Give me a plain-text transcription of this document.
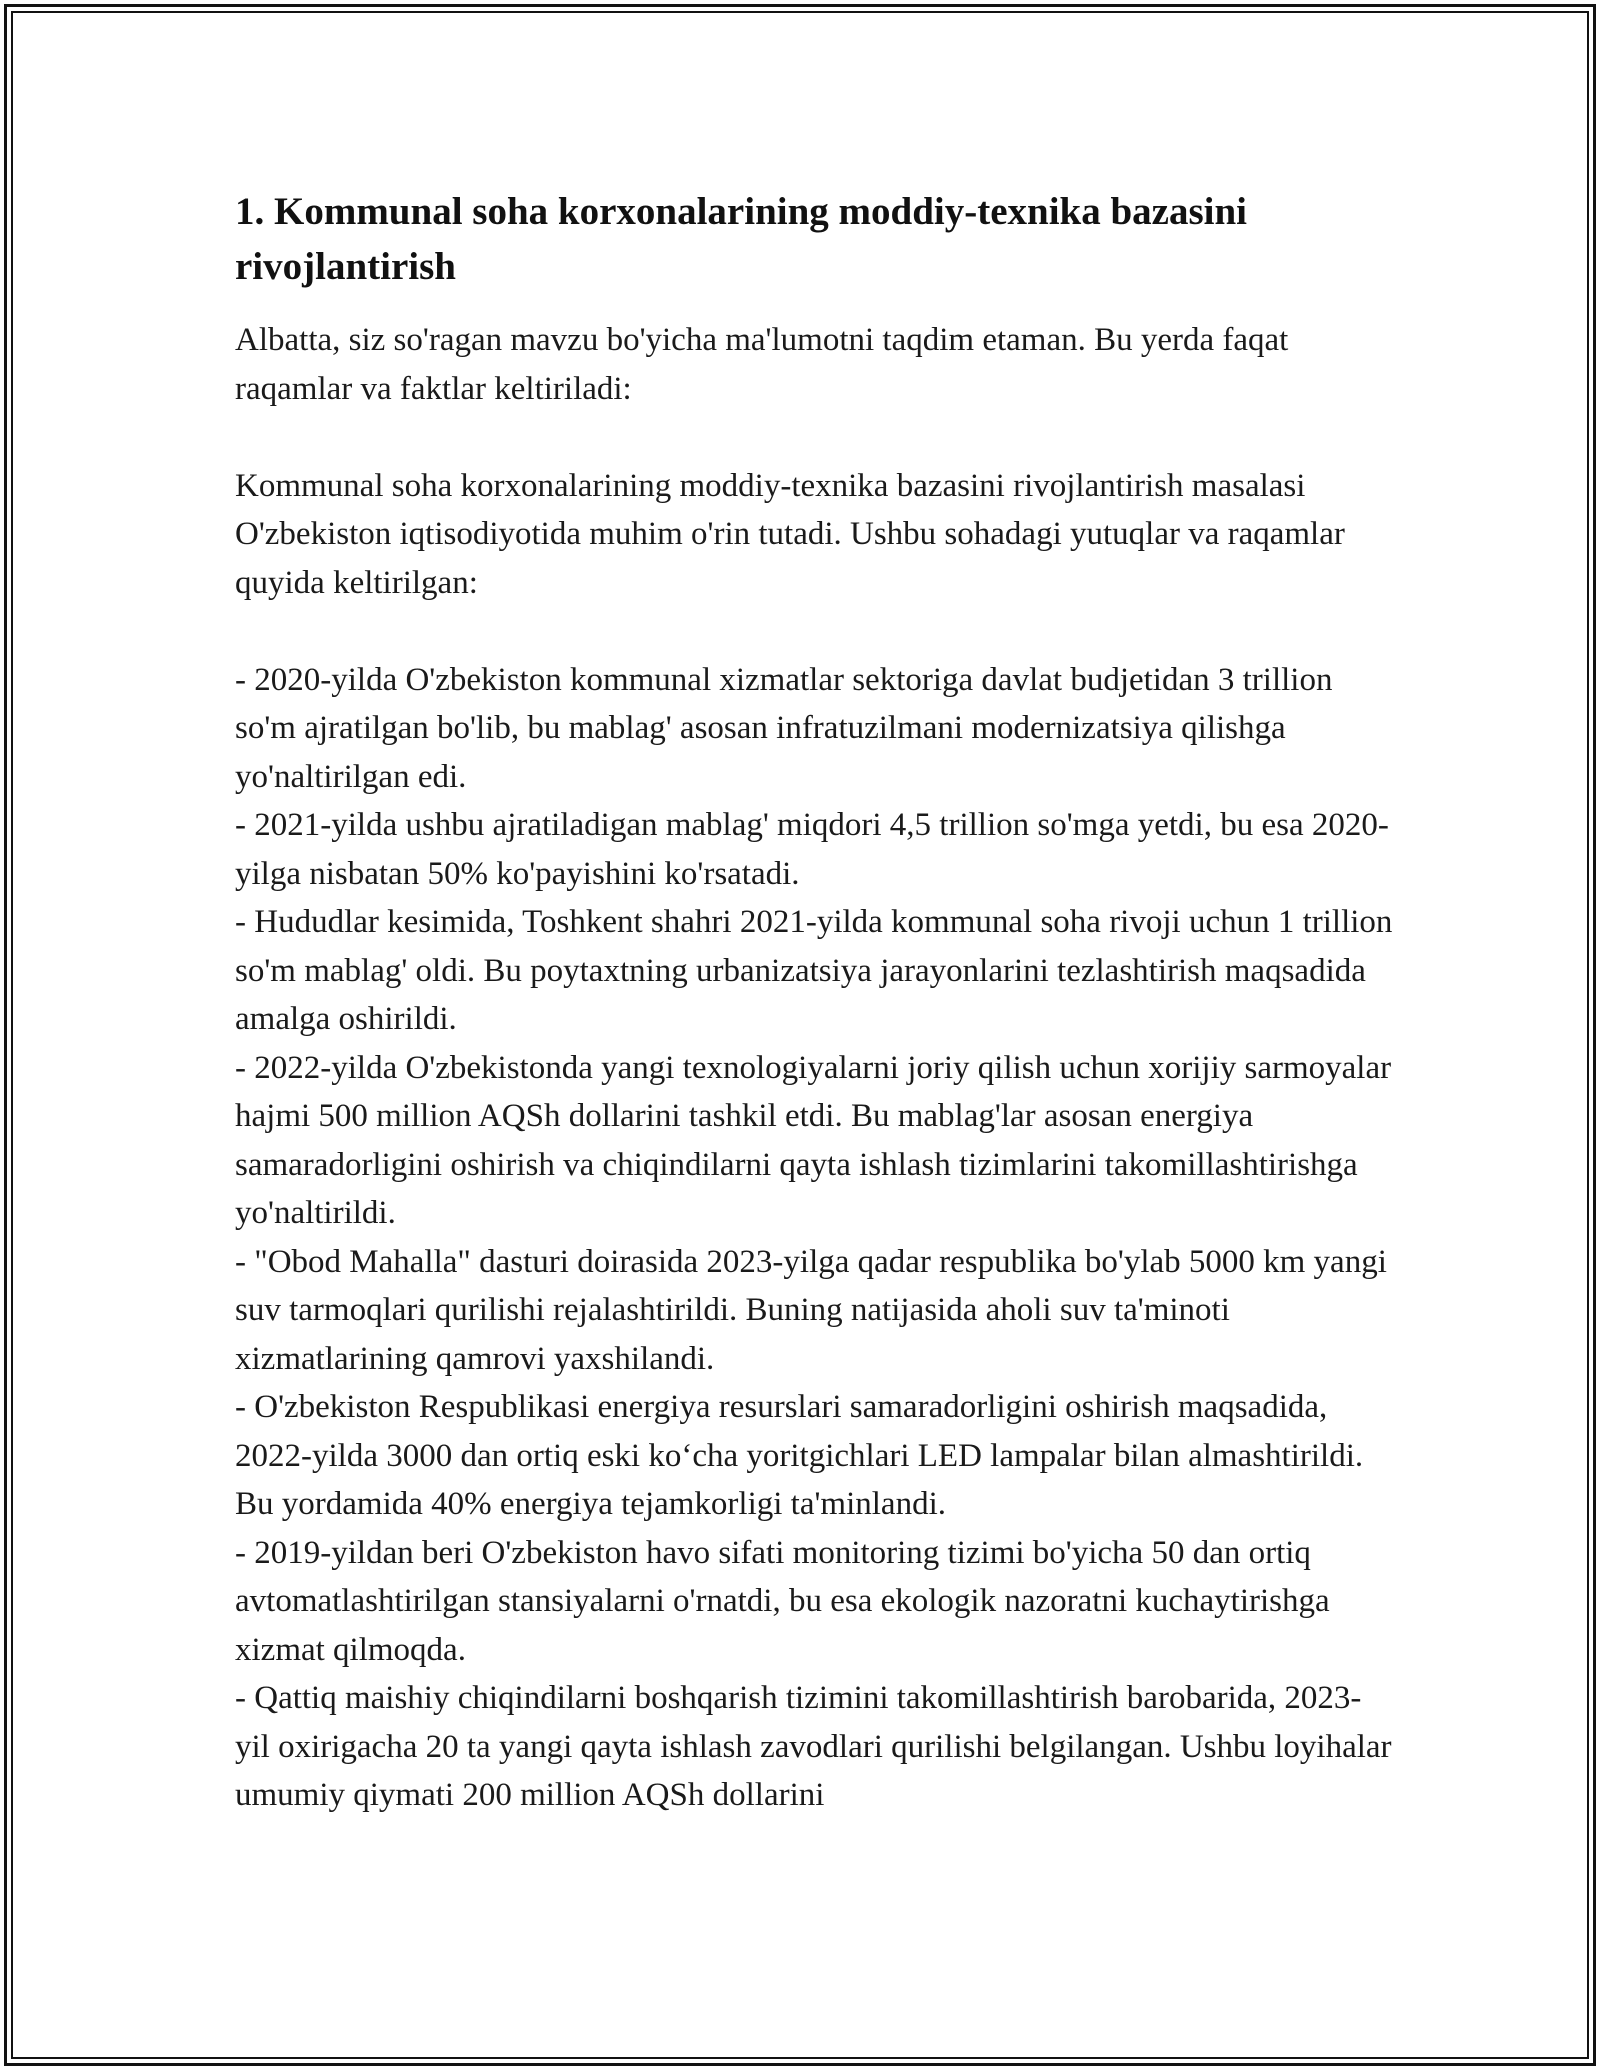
1. Kommunal soha korxonalarining moddiy-texnika bazasini rivojlantirish

Albatta, siz so'ragan mavzu bo'yicha ma'lumotni taqdim etaman. Bu yerda faqat raqamlar va faktlar keltiriladi:

Kommunal soha korxonalarining moddiy-texnika bazasini rivojlantirish masalasi O'zbekiston iqtisodiyotida muhim o'rin tutadi. Ushbu sohadagi yutuqlar va raqamlar quyida keltirilgan:

- 2020-yilda O'zbekiston kommunal xizmatlar sektoriga davlat budjetidan 3 trillion so'm ajratilgan bo'lib, bu mablag' asosan infratuzilmani modernizatsiya qilishga yo'naltirilgan edi.

- 2021-yilda ushbu ajratiladigan mablag' miqdori 4,5 trillion so'mga yetdi, bu esa 2020-yilga nisbatan 50% ko'payishini ko'rsatadi.

- Hududlar kesimida, Toshkent shahri 2021-yilda kommunal soha rivoji uchun 1 trillion so'm mablag' oldi. Bu poytaxtning urbanizatsiya jarayonlarini tezlashtirish maqsadida amalga oshirildi.

- 2022-yilda O'zbekistonda yangi texnologiyalarni joriy qilish uchun xorijiy sarmoyalar hajmi 500 million AQSh dollarini tashkil etdi. Bu mablag'lar asosan energiya samaradorligini oshirish va chiqindilarni qayta ishlash tizimlarini takomillashtirishga yo'naltirildi.

- "Obod Mahalla" dasturi doirasida 2023-yilga qadar respublika bo'ylab 5000 km yangi suv tarmoqlari qurilishi rejalashtirildi. Buning natijasida aholi suv ta'minoti xizmatlarining qamrovi yaxshilandi.

- O'zbekiston Respublikasi energiya resurslari samaradorligini oshirish maqsadida, 2022-yilda 3000 dan ortiq eski ko‘cha yoritgichlari LED lampalar bilan almashtirildi. Bu yordamida 40% energiya tejamkorligi ta'minlandi.

- 2019-yildan beri O'zbekiston havo sifati monitoring tizimi bo'yicha 50 dan ortiq avtomatlashtirilgan stansiyalarni o'rnatdi, bu esa ekologik nazoratni kuchaytirishga xizmat qilmoqda.

- Qattiq maishiy chiqindilarni boshqarish tizimini takomillashtirish barobarida, 2023-yil oxirigacha 20 ta yangi qayta ishlash zavodlari qurilishi belgilangan. Ushbu loyihalar umumiy qiymati 200 million AQSh dollarini
